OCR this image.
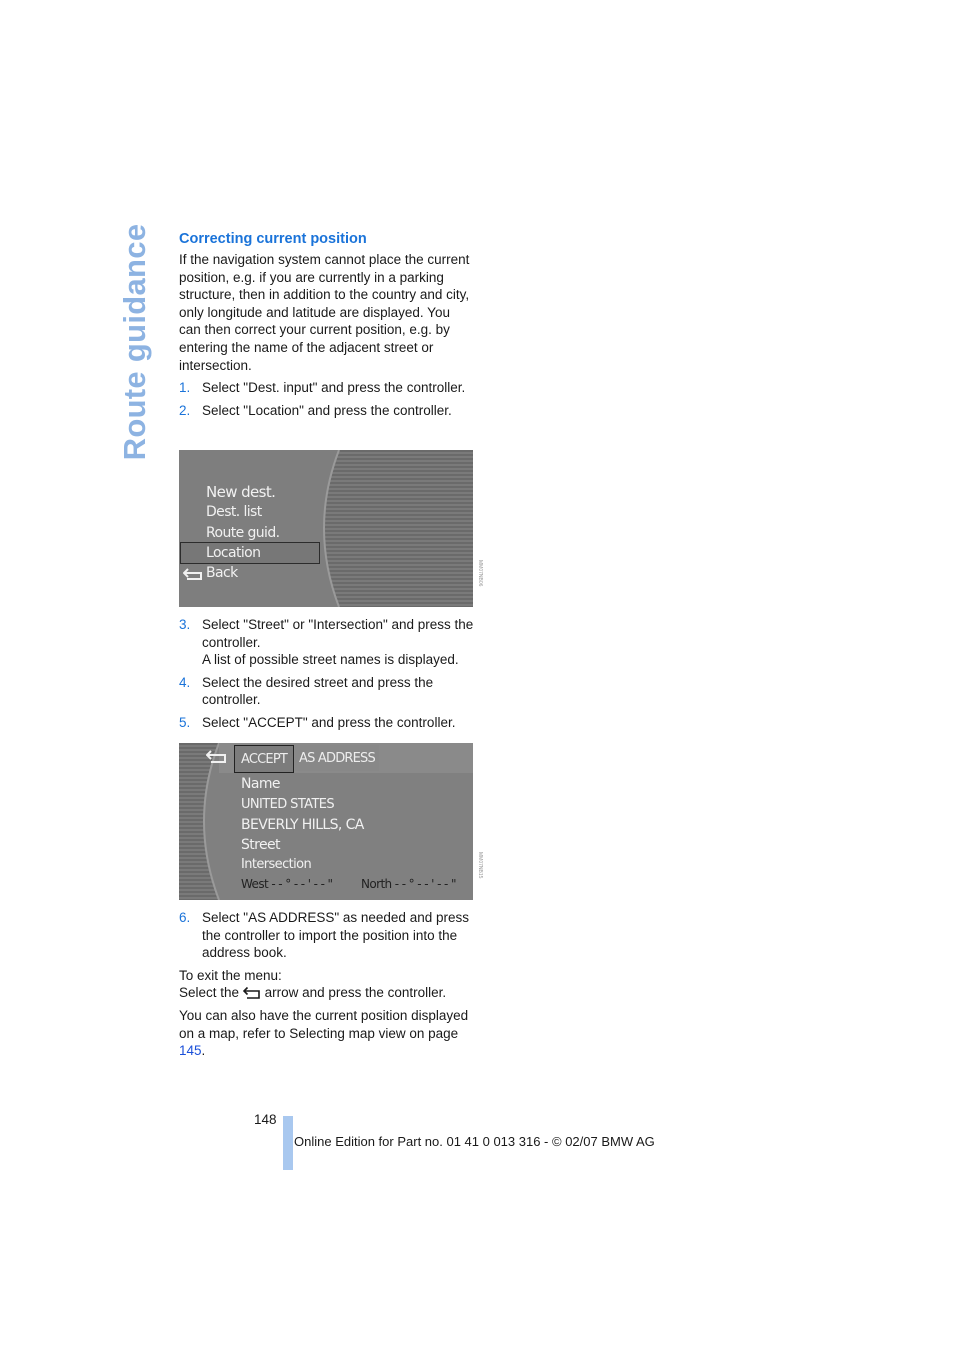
Route guidance Correcting current position

If the navigation system cannot place the current position, e.g. if you are currently in a parking structure, then in addition to the country and city, only longitude and latitude are displayed. You can then correct your current position, e.g. by entering the name of the adjacent street or intersection.

1. Select "Dest. input" and press the controller.
2. Select "Location" and press the controller.
New dest.
Dest. list
Route guid.
Location
Back	MM07NB06
3. Select "Street" or "Intersection" and press the controller.
A list of possible street names is displayed.
4. Select the desired street and press the controller.
5. Select "ACCEPT" and press the controller.
ACCEPT AS ADDRESS
Name
UNITED STATES
BEVERLY HILLS, CA
Street
Intersection
West - - ° - - ' - - " North - - ° - - ' - - "
MM07NB15
6. Select "AS ADDRESS" as needed and press the controller to import the position into the address book.

To exit the menu:

Select the arrow and press the controller.

You can also have the current position displayed on a map, refer to Selecting map view on page 145.

148
Online Edition for Part no. 01 41 0 013 316 - © 02/07 BMW AG
